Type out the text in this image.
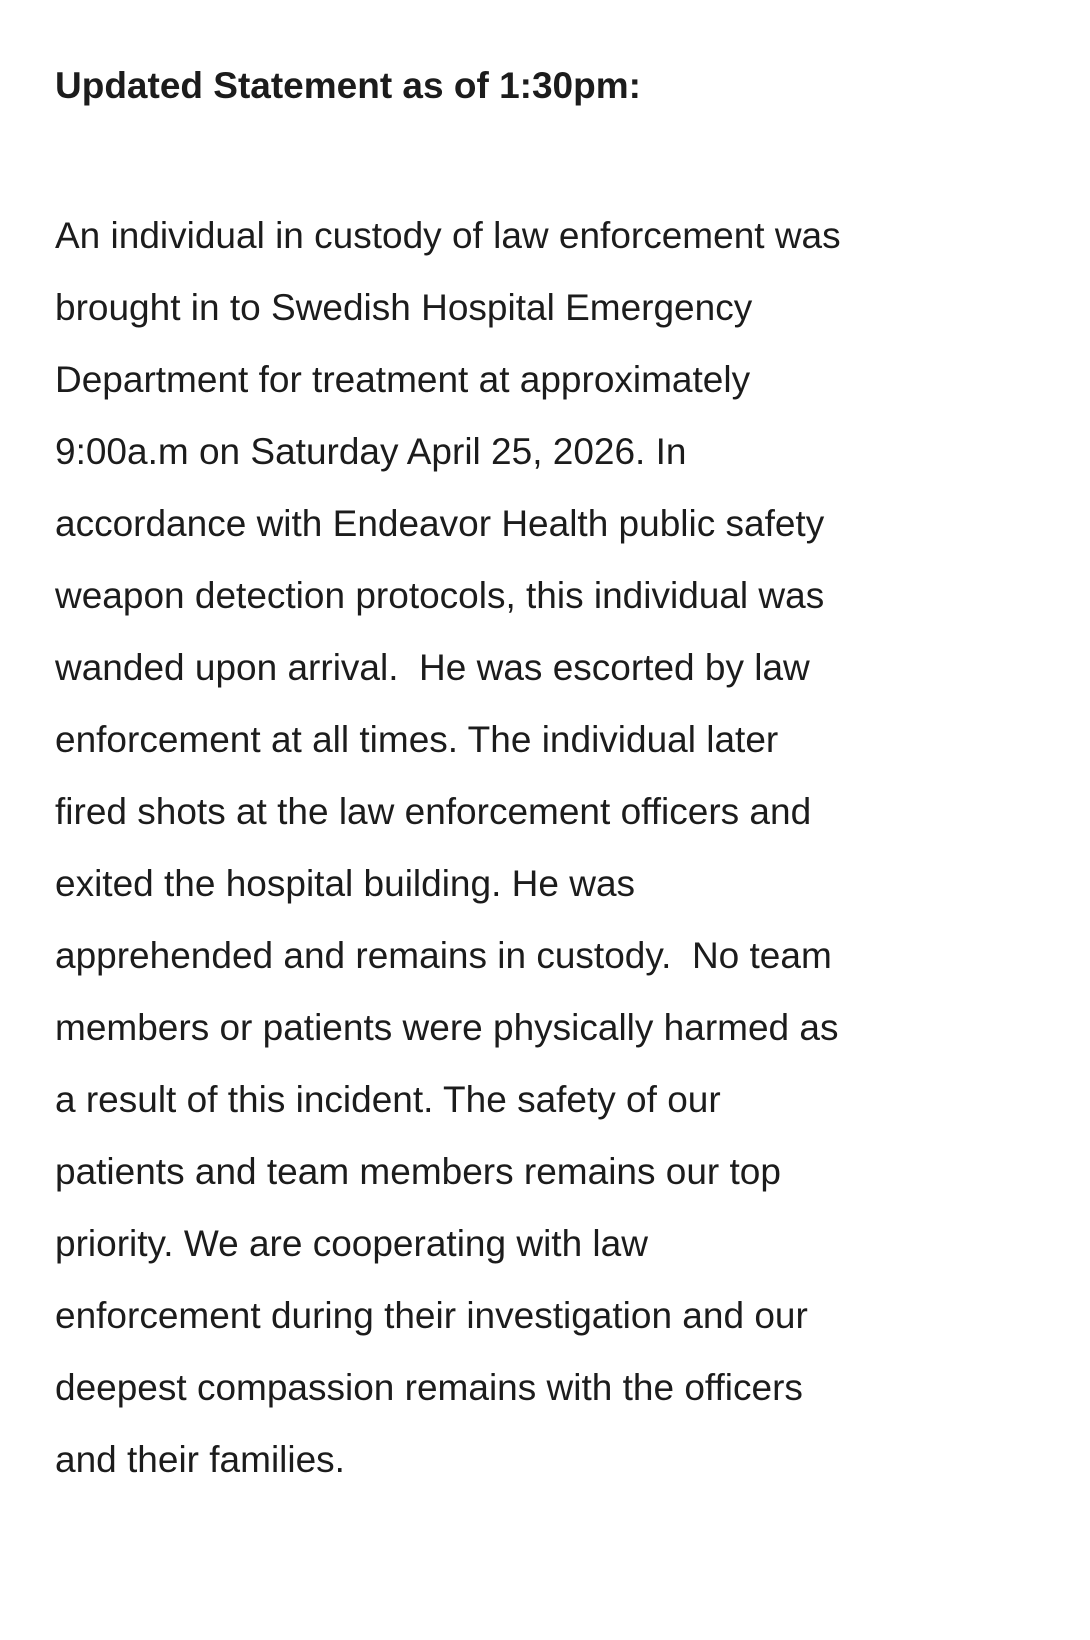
Updated Statement as of 1:30pm:
An individual in custody of law enforcement was
brought in to Swedish Hospital Emergency
Department for treatment at approximately
9:00a.m on Saturday April 25, 2026. In
accordance with Endeavor Health public safety
weapon detection protocols, this individual was
wanded upon arrival.  He was escorted by law
enforcement at all times. The individual later
fired shots at the law enforcement officers and
exited the hospital building. He was
apprehended and remains in custody.  No team
members or patients were physically harmed as
a result of this incident. The safety of our
patients and team members remains our top
priority. We are cooperating with law
enforcement during their investigation and our
deepest compassion remains with the officers
and their families.
